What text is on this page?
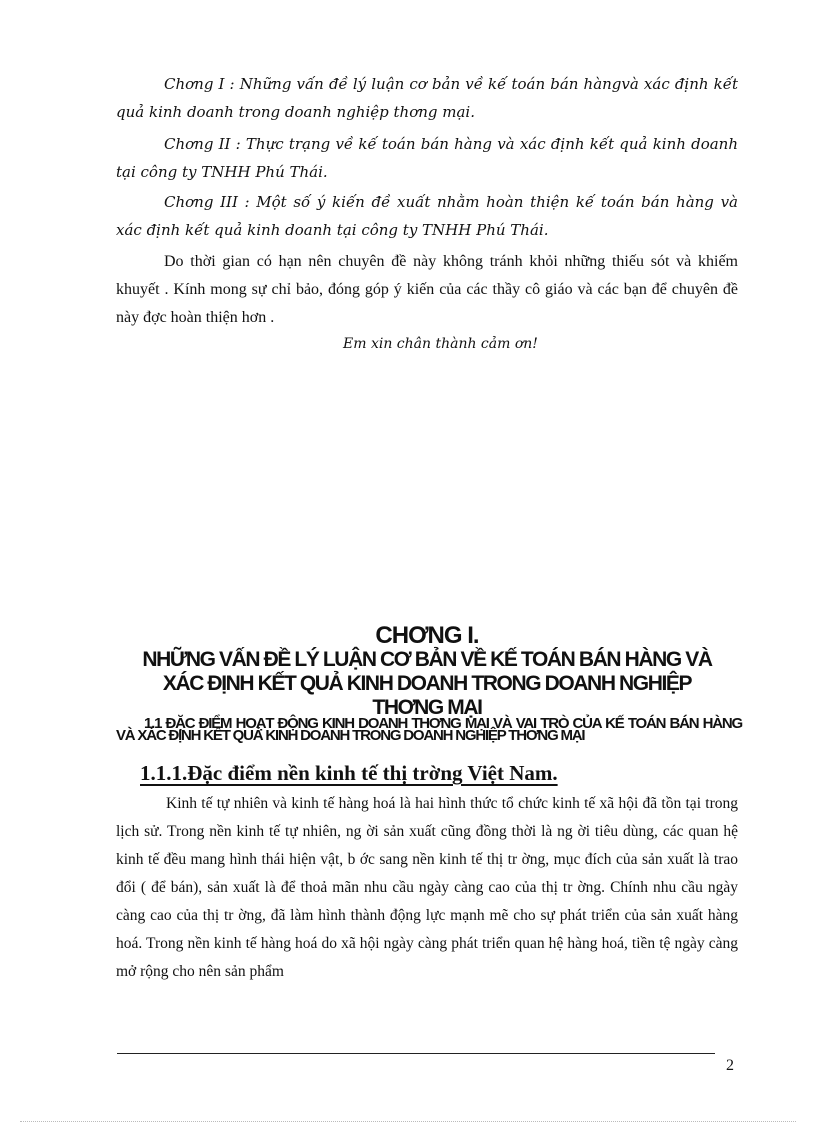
Chơng I : Những vấn đề lý luận cơ bản về kế toán bán hàngvà xác định kết quả kinh doanh trong doanh nghiệp thơng mại.

Chơng II : Thực trạng về kế toán bán hàng và xác định kết quả kinh doanh tại công ty TNHH Phú Thái.

Chơng III : Một số ý kiến đề xuất nhằm hoàn thiện kế toán bán hàng và xác định kết quả kinh doanh tại công ty TNHH Phú Thái.

Do thời gian có hạn nên chuyên đề này không tránh khỏi những thiếu sót và khiếm khuyết . Kính mong sự chỉ bảo, đóng góp ý kiến của các thầy cô giáo và các bạn để chuyên đề này đợc hoàn thiện hơn .

Em xin chân thành cảm ơn!
CHƠNG I.
NHỮNG VẤN ĐỀ LÝ LUẬN CƠ BẢN VỀ KẾ TOÁN BÁN HÀNG VÀ XÁC ĐỊNH KẾT QUẢ KINH DOANH TRONG DOANH NGHIỆP THƠNG MẠI
1.1 ĐẶC ĐIỂM HOẠT ĐỘNG KINH DOANH THƠNG MẠI VÀ VAI TRÒ CỦA KẾ TOÁN BÁN HÀNG VÀ XÁC ĐỊNH KẾT QUẢ KINH DOANH TRONG DOANH NGHIỆP THƠNG MẠI
1.1.1.Đặc điểm nền kinh tế thị trờng Việt Nam.

Kinh tế tự nhiên và kinh tế hàng hoá là hai hình thức tổ chức kinh tế xã hội đã tồn tại trong lịch sử. Trong nền kinh tế tự nhiên, ng ời sản xuất cũng đồng thời là ng ời tiêu dùng, các quan hệ kinh tế đều mang hình thái hiện vật, b ớc sang nền kinh tế thị tr ờng, mục đích của sản xuất là trao đổi ( để bán), sản xuất là để thoả mãn nhu cầu ngày càng cao của thị tr ờng. Chính nhu cầu ngày càng cao của thị tr ờng, đã làm hình thành động lực mạnh mẽ cho sự phát triển của sản xuất hàng hoá. Trong nền kinh tế hàng hoá do xã hội ngày càng phát triển quan hệ hàng hoá, tiền tệ ngày càng mở rộng cho nên sản phẩm

2
